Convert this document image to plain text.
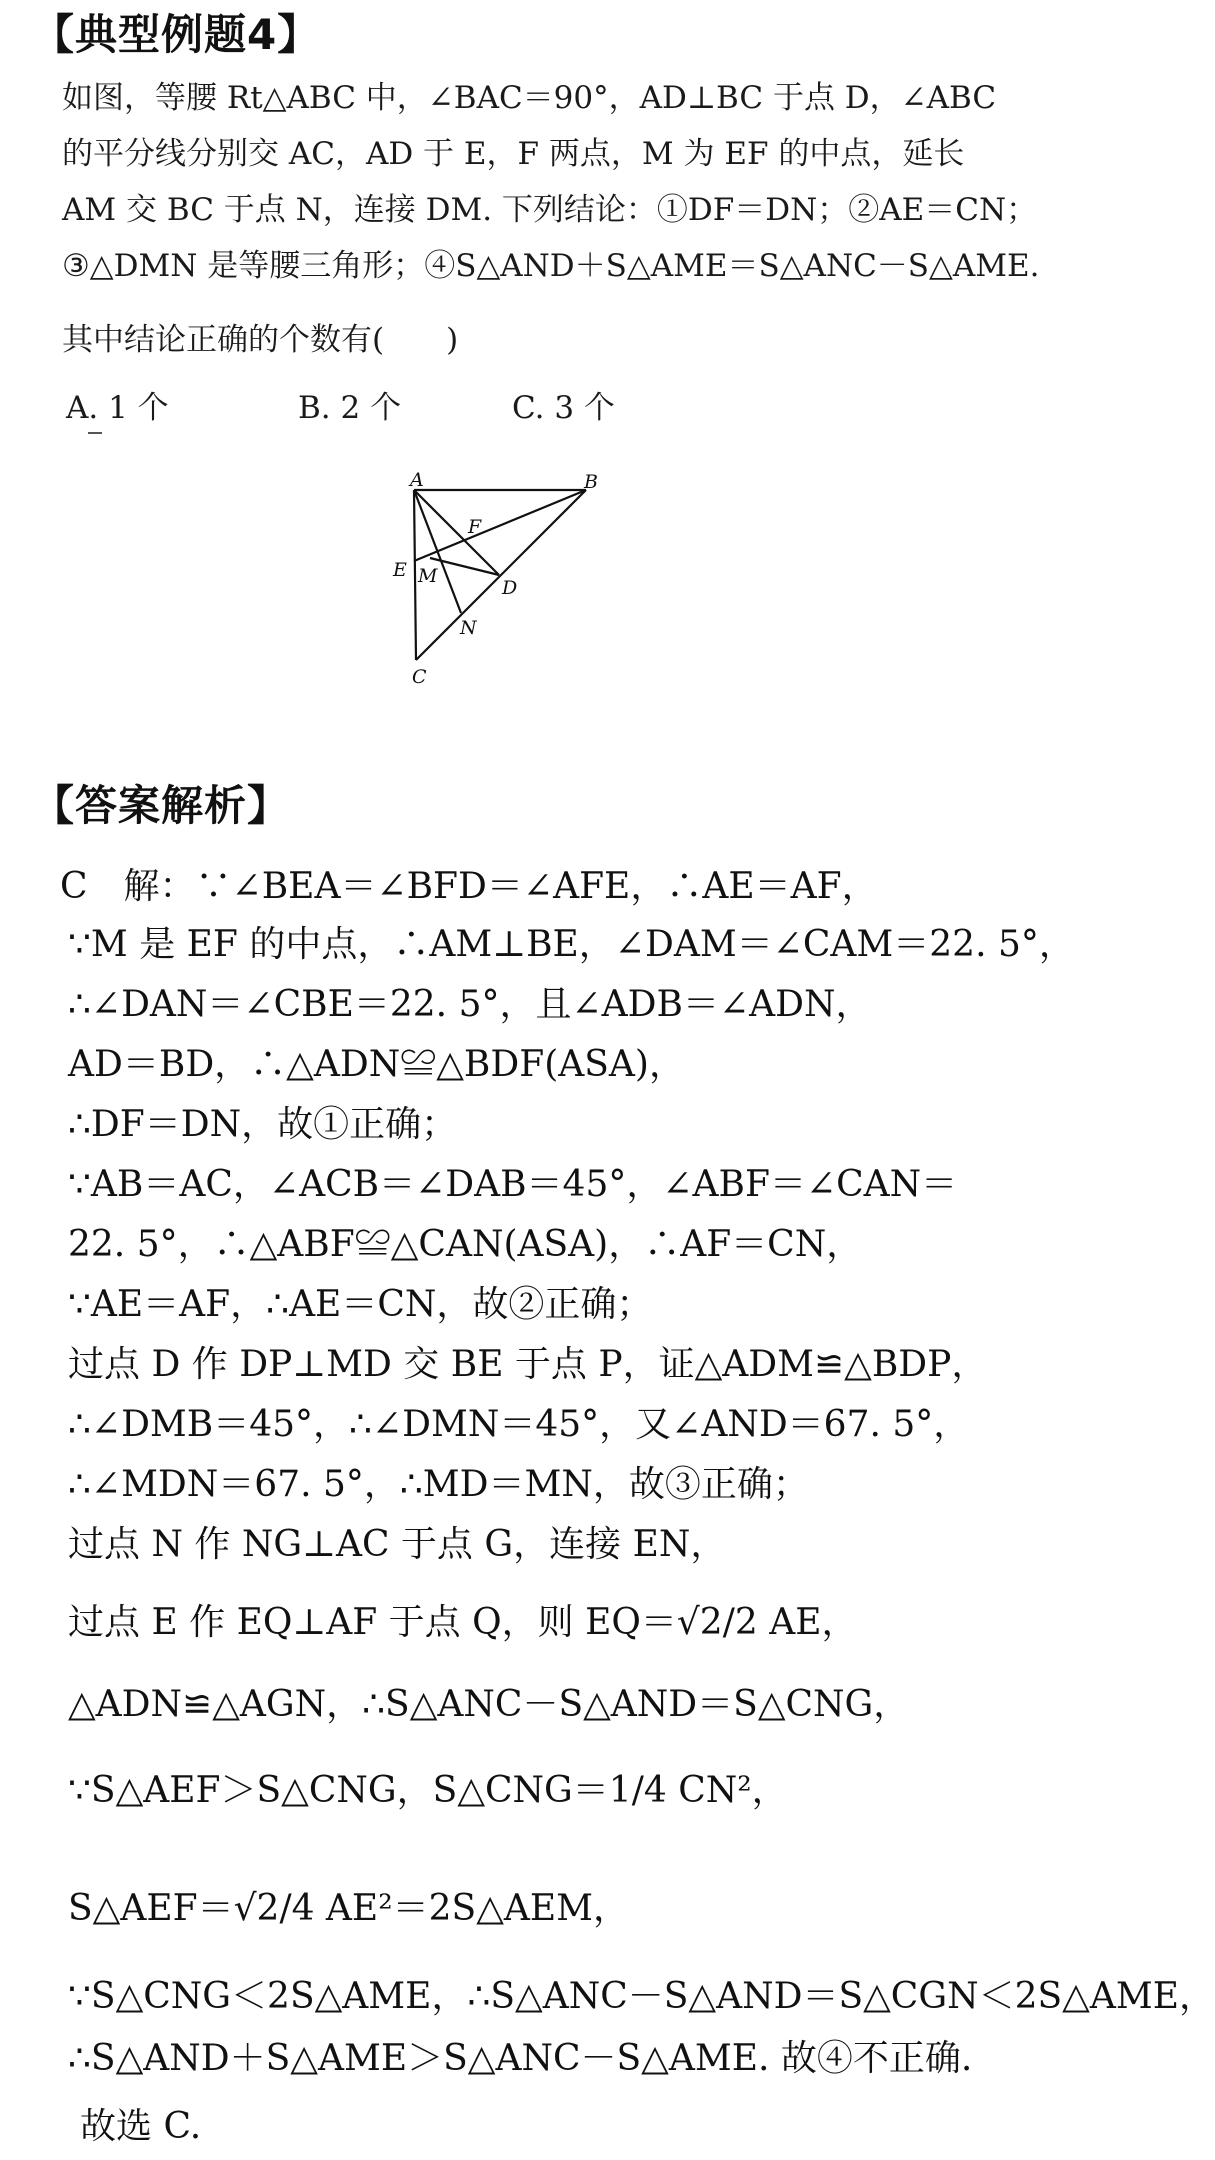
【典型例题4】
如图，等腰 Rt△ABC 中，∠BAC＝90°，AD⊥BC 于点 D，∠ABC
的平分线分别交 AC，AD 于 E，F 两点，M 为 EF 的中点，延长
AM 交 BC 于点 N，连接 DM. 下列结论：①DF＝DN；②AE＝CN；
③△DMN 是等腰三角形；④S△AND＋S△AME＝S△ANC－S△AME.
其中结论正确的个数有(　　)
A. 1 个	B. 2 个	C. 3 个
A	B
C
D
E
F
M
N
【答案解析】
C　解：∵∠BEA＝∠BFD＝∠AFE，∴AE＝AF，
∵M 是 EF 的中点，∴AM⊥BE，∠DAM＝∠CAM＝22. 5°，
∴∠DAN＝∠CBE＝22. 5°，且∠ADB＝∠ADN，
AD＝BD，∴△ADN≌△BDF(ASA)，
∴DF＝DN，故①正确；
∵AB＝AC，∠ACB＝∠DAB＝45°，∠ABF＝∠CAN＝
22. 5°，∴△ABF≌△CAN(ASA)，∴AF＝CN，
∵AE＝AF，∴AE＝CN，故②正确；
过点 D 作 DP⊥MD 交 BE 于点 P，证△ADM≌△BDP，
∴∠DMB＝45°，∴∠DMN＝45°，又∠AND＝67. 5°，
∴∠MDN＝67. 5°，∴MD＝MN，故③正确；
过点 N 作 NG⊥AC 于点 G，连接 EN，
过点 E 作 EQ⊥AF 于点 Q，则 EQ＝√2/2 AE，
△ADN≌△AGN，∴S△ANC－S△AND＝S△CNG，
∵S△AEF＞S△CNG，S△CNG＝1/4 CN²，
S△AEF＝√2/4 AE²＝2S△AEM，
∵S△CNG＜2S△AME，∴S△ANC－S△AND＝S△CGN＜2S△AME，
∴S△AND＋S△AME＞S△ANC－S△AME. 故④不正确.
故选 C.
